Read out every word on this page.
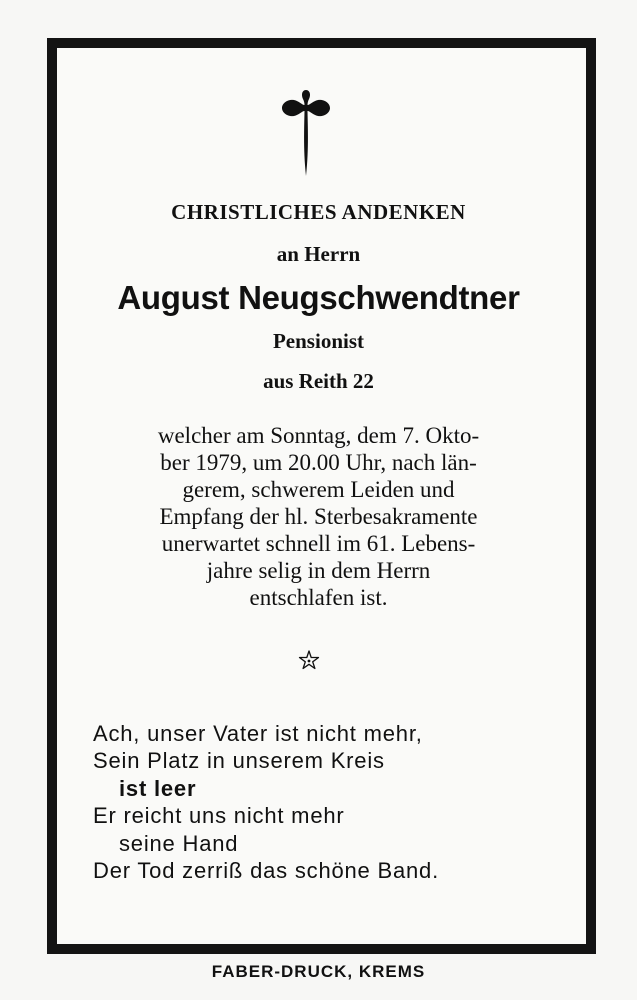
CHRISTLICHES ANDENKEN
an Herrn
August Neugschwendtner
Pensionist
aus Reith 22

welcher am Sonntag, dem 7. Okto-
ber 1979, um 20.00 Uhr, nach län-
gerem, schwerem Leiden und
Empfang der hl. Sterbesakramente
unerwartet schnell im 61. Lebens-
jahre selig in dem Herrn
entschlafen ist.

Ach, unser Vater ist nicht mehr,
Sein Platz in unserem Kreis
ist leer
Er reicht uns nicht mehr
seine Hand
Der Tod zerriß das schöne Band.
FABER-DRUCK, KREMS
